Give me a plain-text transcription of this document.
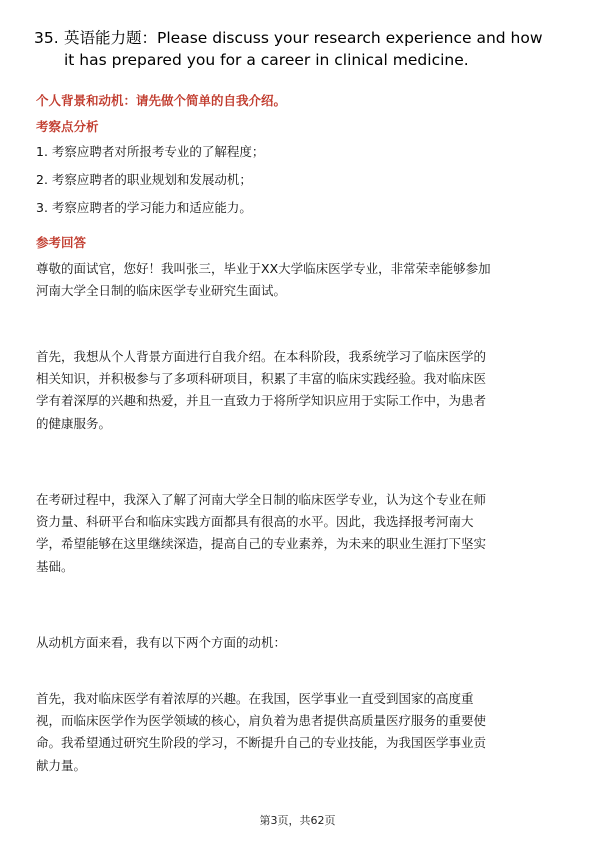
35. 英语能力题：Please discuss your research experience and how
it has prepared you for a career in clinical medicine.
个人背景和动机：请先做个简单的自我介绍。
考察点分析
1. 考察应聘者对所报考专业的了解程度；
2. 考察应聘者的职业规划和发展动机；
3. 考察应聘者的学习能力和适应能力。
参考回答
尊敬的面试官，您好！我叫张三，毕业于XX大学临床医学专业，非常荣幸能够参加
河南大学全日制的临床医学专业研究生面试。
首先，我想从个人背景方面进行自我介绍。在本科阶段，我系统学习了临床医学的
相关知识，并积极参与了多项科研项目，积累了丰富的临床实践经验。我对临床医
学有着深厚的兴趣和热爱，并且一直致力于将所学知识应用于实际工作中，为患者
的健康服务。
在考研过程中，我深入了解了河南大学全日制的临床医学专业，认为这个专业在师
资力量、科研平台和临床实践方面都具有很高的水平。因此，我选择报考河南大
学，希望能够在这里继续深造，提高自己的专业素养，为未来的职业生涯打下坚实
基础。
从动机方面来看，我有以下两个方面的动机：
首先，我对临床医学有着浓厚的兴趣。在我国，医学事业一直受到国家的高度重
视，而临床医学作为医学领域的核心，肩负着为患者提供高质量医疗服务的重要使
命。我希望通过研究生阶段的学习，不断提升自己的专业技能，为我国医学事业贡
献力量。
第3页，共62页
